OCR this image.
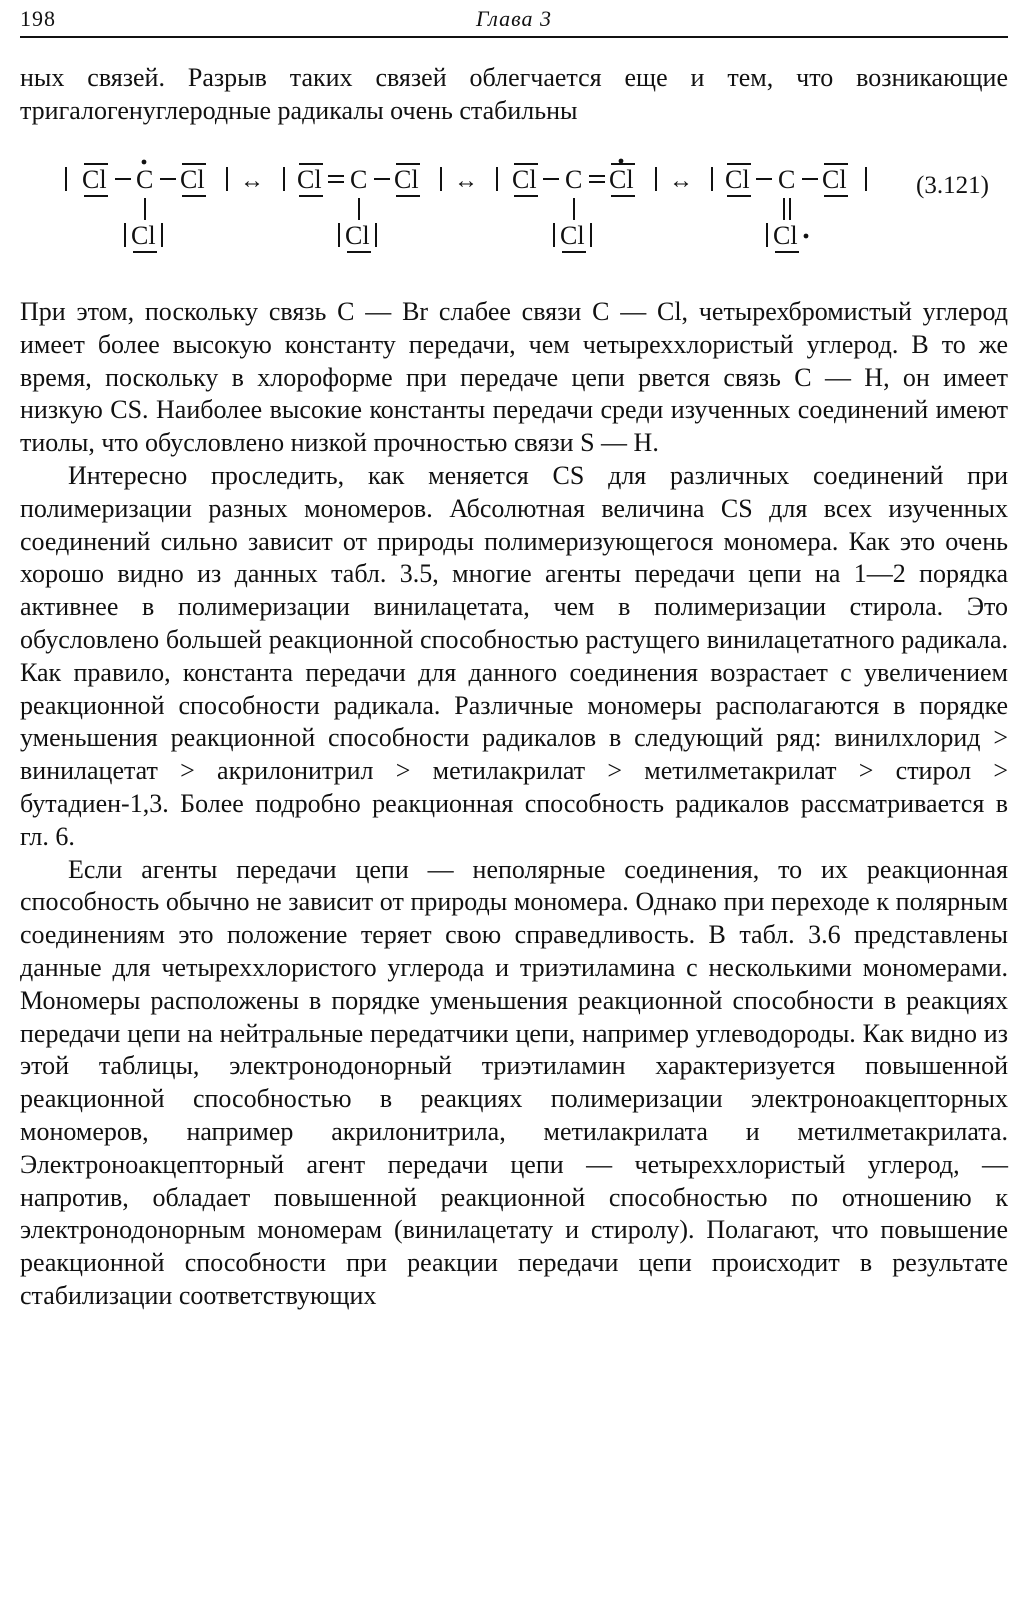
198	Глава 3

ных связей. Разрыв таких связей облегчается еще и тем, что возникающие тригалогенуглеродные радикалы очень стабильны

Cl C Cl
Cl
↔ Cl C Cl
Cl
↔ Cl C Cl
Cl
↔ Cl C Cl
Cl
(3.121)

При этом, поскольку связь C — Br слабее связи C — Cl, четырехбромистый углерод имеет более высокую константу передачи, чем четыреххлористый углерод. В то же время, поскольку в хлороформе при передаче цепи рвется связь C — H, он имеет низкую CS. Наиболее высокие константы передачи среди изученных соединений имеют тиолы, что обусловлено низкой прочностью связи S — H.

Интересно проследить, как меняется CS для различных соединений при полимеризации разных мономеров. Абсолютная величина CS для всех изученных соединений сильно зависит от природы полимеризующегося мономера. Как это очень хорошо видно из данных табл. 3.5, многие агенты передачи цепи на 1—2 порядка активнее в полимеризации винилацетата, чем в полимеризации стирола. Это обусловлено большей реакционной способностью растущего винилацетатного радикала. Как правило, константа передачи для данного соединения возрастает с увеличением реакционной способности радикала. Различные мономеры располагаются в порядке уменьшения реакционной способности радикалов в следующий ряд: винилхлорид > винилацетат > акрилонитрил > метилакрилат > метилметакрилат > стирол > бутадиен-1,3. Более подробно реакционная способность радикалов рассматривается в гл. 6.

Если агенты передачи цепи — неполярные соединения, то их реакционная способность обычно не зависит от природы мономера. Однако при переходе к полярным соединениям это положение теряет свою справедливость. В табл. 3.6 представлены данные для четыреххлористого углерода и триэтиламина с несколькими мономерами. Мономеры расположены в порядке уменьшения реакционной способности в реакциях передачи цепи на нейтральные передатчики цепи, например углеводороды. Как видно из этой таблицы, электронодонорный триэтиламин характеризуется повышенной реакционной способностью в реакциях полимеризации электроноакцепторных мономеров, например акрилонитрила, метилакрилата и метилметакрилата. Электроноакцепторный агент передачи цепи — четыреххлористый углерод, — напротив, обладает повышенной реакционной способностью по отношению к электронодонорным мономерам (винилацетату и стиролу). Полагают, что повышение реакционной способности при реакции передачи цепи происходит в результате стабилизации соответствующих
